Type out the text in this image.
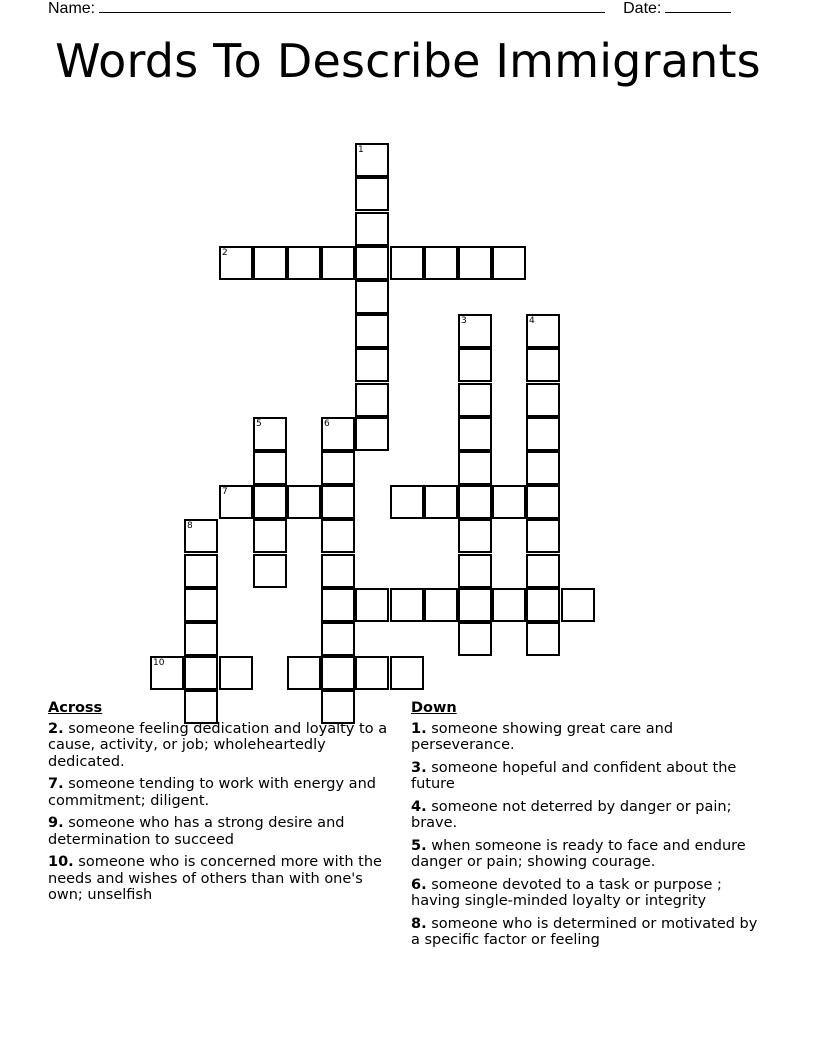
Name:	Date:
Words To Describe Immigrants
1
2
3	4
5	6
7
8
10
Across
2. someone feeling dedication and loyalty to a cause, activity, or job; wholeheartedly dedicated.
7. someone tending to work with energy and commitment; diligent.
9. someone who has a strong desire and determination to succeed
10. someone who is concerned more with the needs and wishes of others than with one's own; unselfish
Down
1. someone showing great care and perseverance.
3. someone hopeful and confident about the future
4. someone not deterred by danger or pain; brave.
5. when someone is ready to face and endure danger or pain; showing courage.
6. someone devoted to a task or purpose ; having single-minded loyalty or integrity
8. someone who is determined or motivated by a specific factor or feeling
